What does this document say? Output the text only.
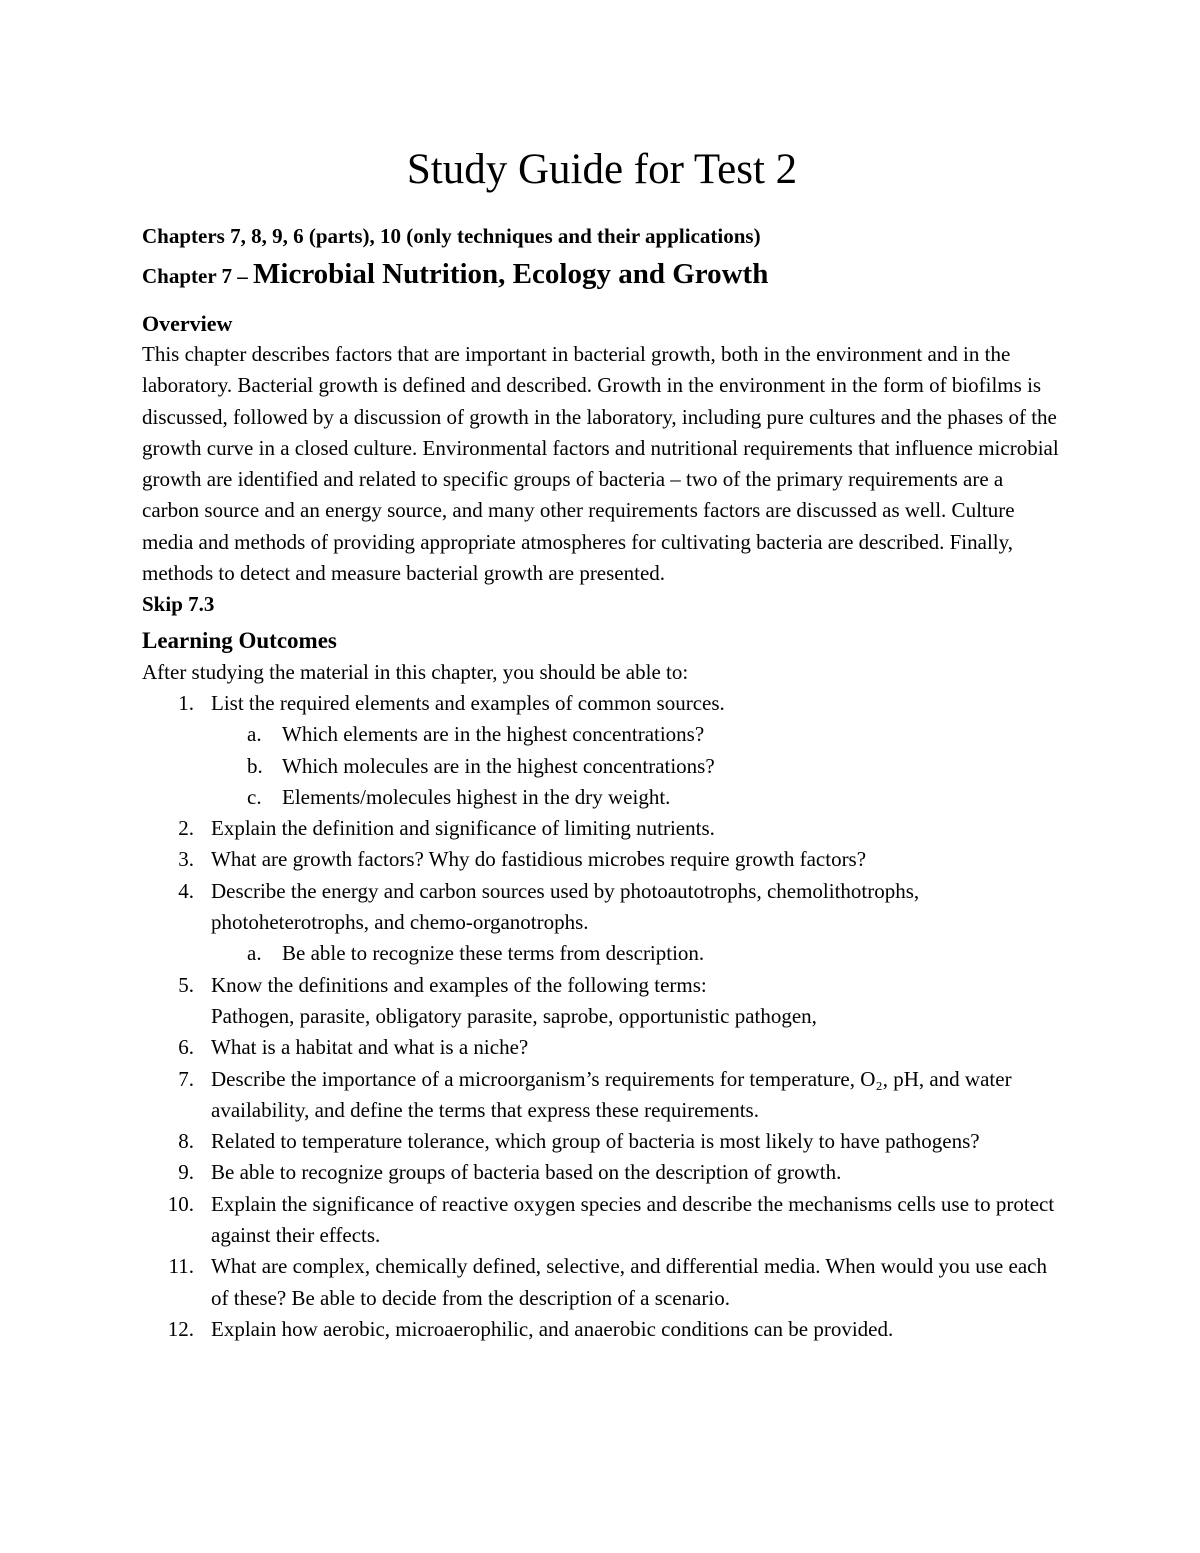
Study Guide for Test 2

Chapters 7, 8, 9, 6 (parts), 10 (only techniques and their applications)

Chapter 7 – Microbial Nutrition, Ecology and Growth
Overview

This chapter describes factors that are important in bacterial growth, both in the environment and in the laboratory. Bacterial growth is defined and described. Growth in the environment in the form of biofilms is discussed, followed by a discussion of growth in the laboratory, including pure cultures and the phases of the growth curve in a closed culture. Environmental factors and nutritional requirements that influence microbial growth are identified and related to specific groups of bacteria – two of the primary requirements are a carbon source and an energy source, and many other requirements factors are discussed as well. Culture media and methods of providing appropriate atmospheres for cultivating bacteria are described. Finally, methods to detect and measure bacterial growth are presented.

Skip 7.3

Learning Outcomes

After studying the material in this chapter, you should be able to:

1. List the required elements and examples of common sources.
a. Which elements are in the highest concentrations?
b. Which molecules are in the highest concentrations?
c. Elements/molecules highest in the dry weight.
2. Explain the definition and significance of limiting nutrients.
3. What are growth factors? Why do fastidious microbes require growth factors?
4. Describe the energy and carbon sources used by photoautotrophs, chemolithotrophs, photoheterotrophs, and chemo-organotrophs.
a. Be able to recognize these terms from description.
5. Know the definitions and examples of the following terms:
Pathogen, parasite, obligatory parasite, saprobe, opportunistic pathogen,
6. What is a habitat and what is a niche?
7. Describe the importance of a microorganism’s requirements for temperature, O₂, pH, and water availability, and define the terms that express these requirements.
8. Related to temperature tolerance, which group of bacteria is most likely to have pathogens?
9. Be able to recognize groups of bacteria based on the description of growth.
10. Explain the significance of reactive oxygen species and describe the mechanisms cells use to protect against their effects.
11. What are complex, chemically defined, selective, and differential media. When would you use each of these? Be able to decide from the description of a scenario.
12. Explain how aerobic, microaerophilic, and anaerobic conditions can be provided.
